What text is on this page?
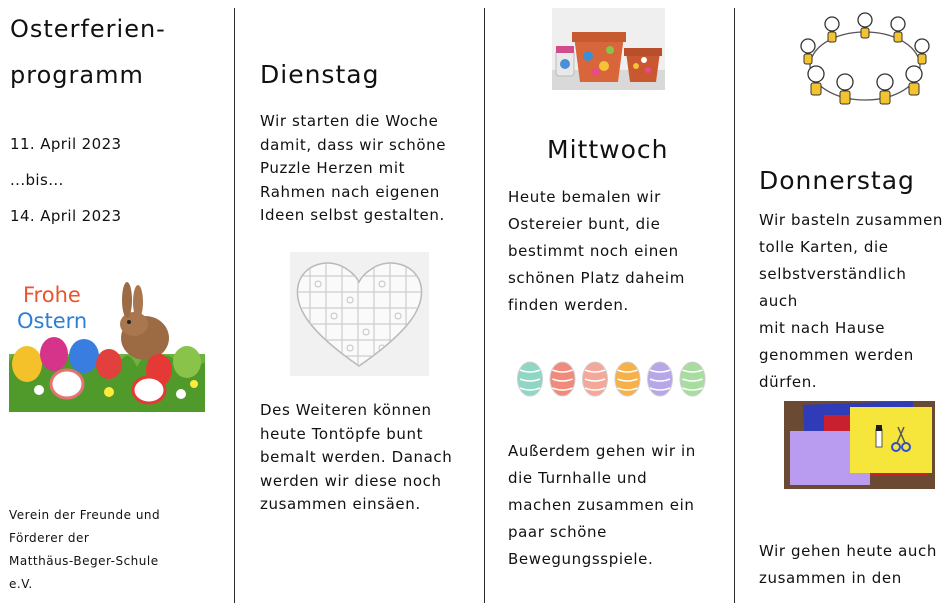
Osterferien-

programm

11. April 2023
...bis...
14. April 2023
Frohe
Ostern
Verein der Freunde und
Förderer der
Matthäus-Beger-Schule
e.V.
Dienstag
Wir starten die Woche
damit, dass wir schöne
Puzzle Herzen mit
Rahmen nach eigenen
Ideen selbst gestalten.
Des Weiteren können
heute Tontöpfe bunt
bemalt werden. Danach
werden wir diese noch
zusammen einsäen.
Mittwoch
Heute bemalen wir
Ostereier bunt, die
bestimmt noch einen
schönen Platz daheim
finden werden.
Außerdem gehen wir in
die Turnhalle und
machen zusammen ein
paar schöne
Bewegungsspiele.
Donnerstag
Wir basteln zusammen
tolle Karten, die
selbstverständlich auch
mit nach Hause
genommen werden
dürfen.
Wir gehen heute auch
zusammen in den
